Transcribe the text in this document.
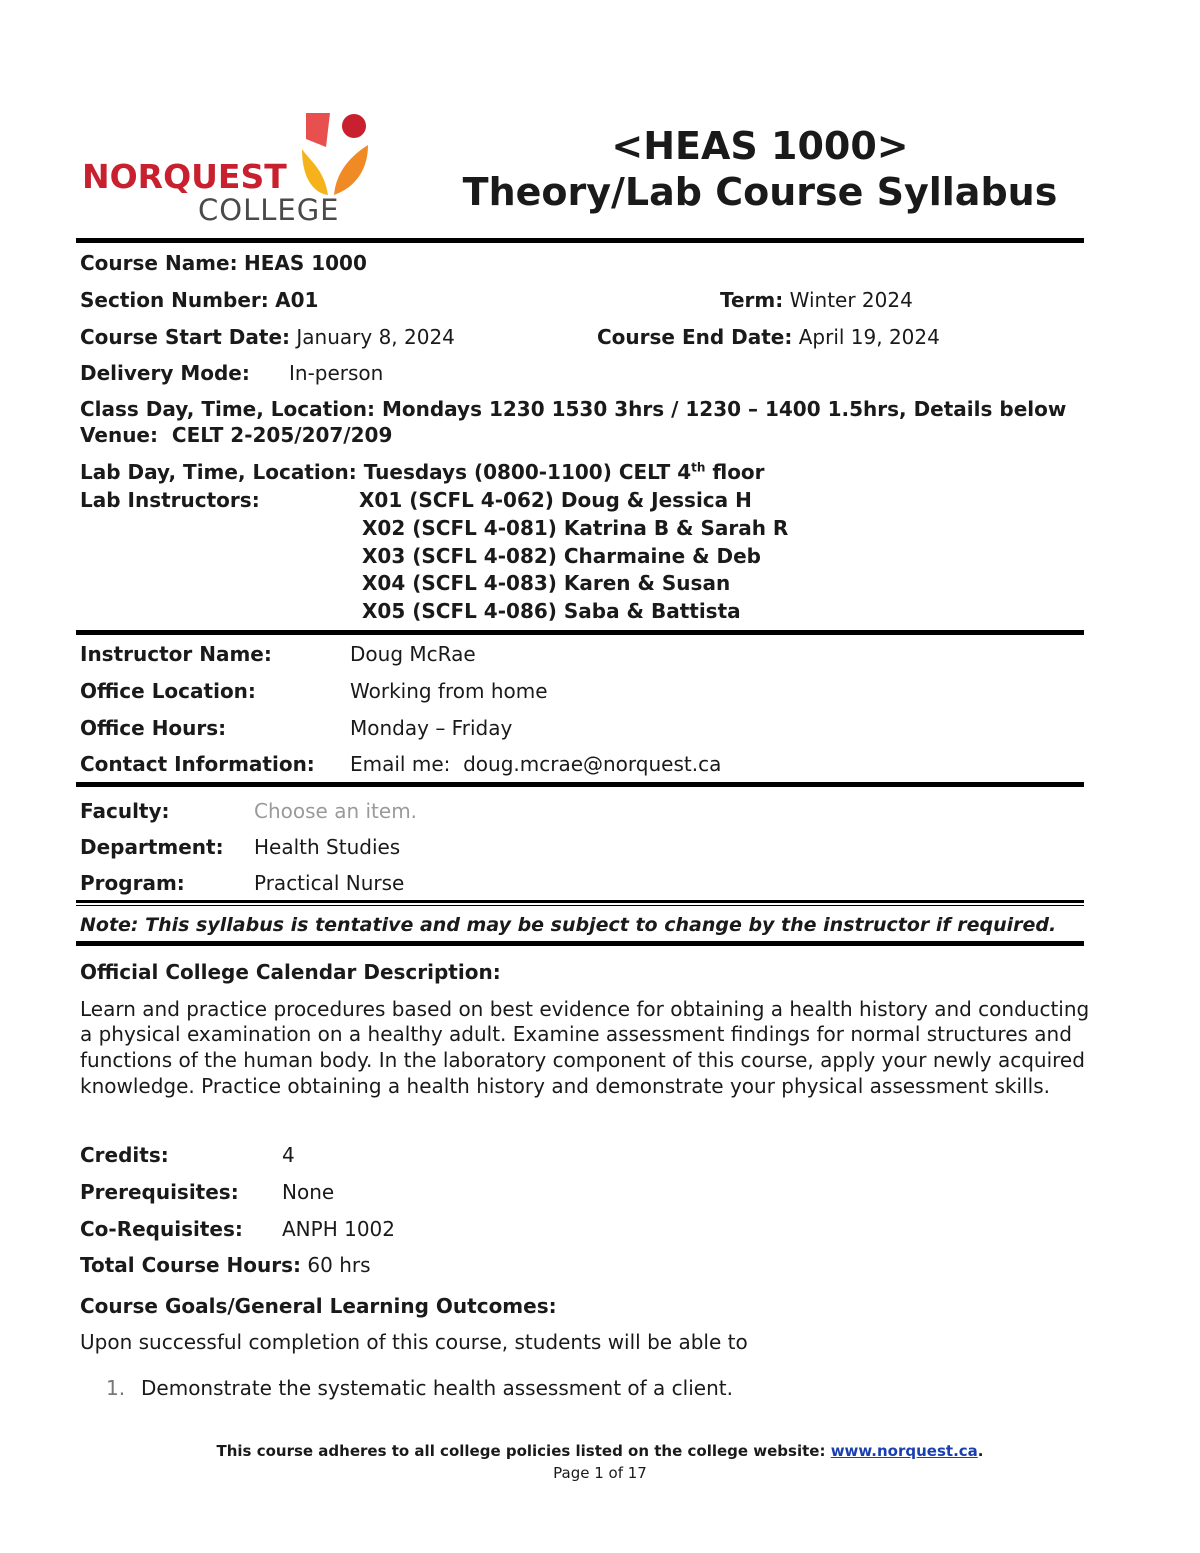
NORQUEST
COLLEGE
<HEAS 1000>
Theory/Lab Course Syllabus
Course Name: HEAS 1000
Section Number: A01	Term: Winter 2024
Course Start Date: January 8, 2024	Course End Date: April 19, 2024
Delivery Mode: In-person
Class Day, Time, Location: Mondays 1230 1530 3hrs / 1230 – 1400 1.5hrs, Details below
Venue:  CELT 2-205/207/209
Lab Day, Time, Location: Tuesdays (0800-1100) CELT 4th floor
Lab Instructors:	X01 (SCFL 4-062) Doug & Jessica H
X02 (SCFL 4-081) Katrina B & Sarah R
X03 (SCFL 4-082) Charmaine & Deb
X04 (SCFL 4-083) Karen & Susan
X05 (SCFL 4-086) Saba & Battista
Instructor Name:	Doug McRae
Office Location:	Working from home
Office Hours:	Monday – Friday
Contact Information: Email me:  doug.mcrae@norquest.ca
Faculty:	Choose an item.
Department: Health Studies
Program:	Practical Nurse
Note: This syllabus is tentative and may be subject to change by the instructor if required.
Official College Calendar Description:
Learn and practice procedures based on best evidence for obtaining a health history and conducting
a physical examination on a healthy adult. Examine assessment findings for normal structures and
functions of the human body. In the laboratory component of this course, apply your newly acquired
knowledge. Practice obtaining a health history and demonstrate your physical assessment skills.
Credits:	4
Prerequisites: None
Co-Requisites: ANPH 1002
Total Course Hours: 60 hrs
Course Goals/General Learning Outcomes:
Upon successful completion of this course, students will be able to
1. Demonstrate the systematic health assessment of a client.
This course adheres to all college policies listed on the college website: www.norquest.ca.
Page 1 of 17
